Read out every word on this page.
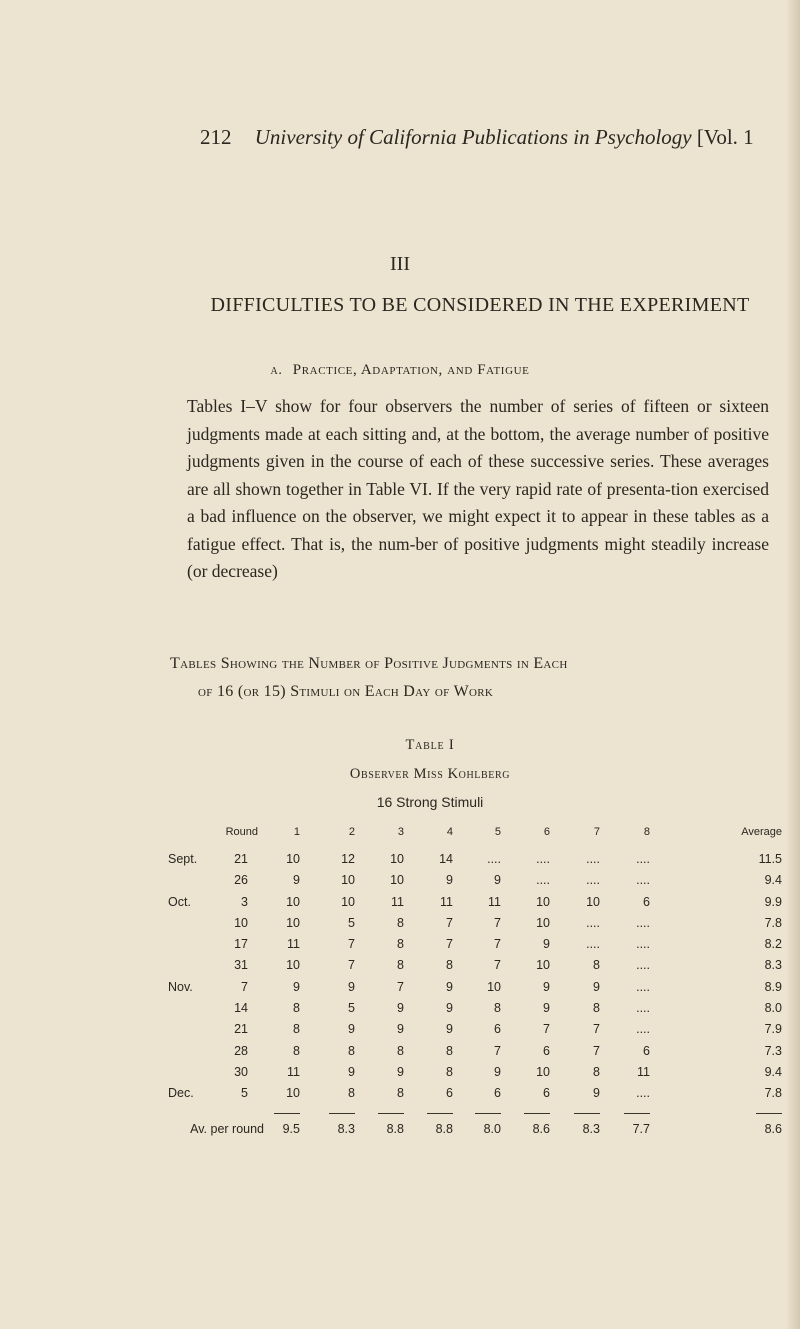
212 University of California Publications in Psychology [Vol. 1
III
DIFFICULTIES TO BE CONSIDERED IN THE EXPERIMENT
a. Practice, Adaptation, and Fatigue
Tables I–V show for four observers the number of series of fifteen or sixteen judgments made at each sitting and, at the bottom, the average number of positive judgments given in the course of each of these successive series. These averages are all shown together in Table VI. If the very rapid rate of presenta-tion exercised a bad influence on the observer, we might expect it to appear in these tables as a fatigue effect. That is, the num-ber of positive judgments might steadily increase (or decrease)
Tables Showing the Number of Positive Judgments in Each
of 16 (or 15) Stimuli on Each Day of Work
Table I
Observer Miss Kohlberg
16 Strong Stimuli
Round	1	2	3	4	5	6	7	8	Average
Sept.	21	10	12	10	14	....	....	....	....	11.5
26	9	10	10	9	9	....	....	....	9.4
Oct.	3	10	10	11	11	11	10	10	6	9.9
10	10	5	8	7	7	10	....	....	7.8
17	11	7	8	7	7	9	....	....	8.2
31	10	7	8	8	7	10	8	....	8.3
Nov.	7	9	9	7	9	10	9	9	....	8.9
14	8	5	9	9	8	9	8	....	8.0
21	8	9	9	9	6	7	7	....	7.9
28	8	8	8	8	7	6	7	6	7.3
30	11	9	9	8	9	10	8	11	9.4
Dec.	5	10	8	8	6	6	6	9	....	7.8
Av. per round	9.5	8.3	8.8	8.8	8.0	8.6	8.3	7.7	8.6
